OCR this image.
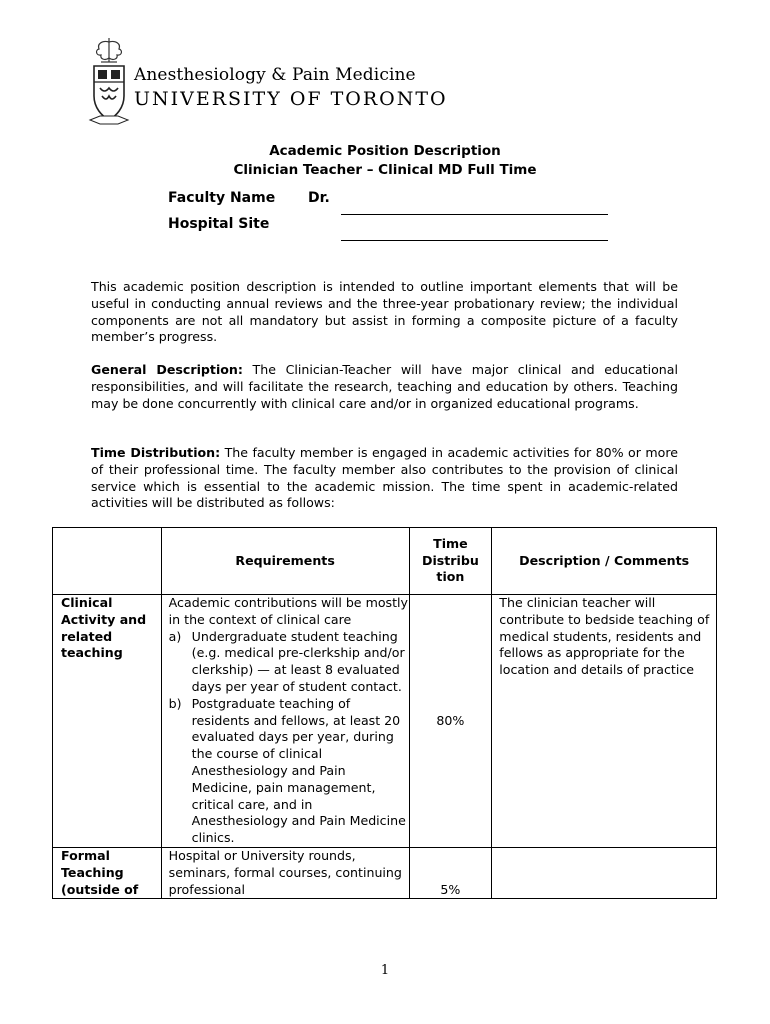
Anesthesiology & Pain Medicine
UNIVERSITY OF TORONTO
Academic Position Description
Clinician Teacher – Clinical MD Full Time
Faculty Name Dr.
Hospital Site
This academic position description is intended to outline important elements that will be useful in conducting annual reviews and the three-year probationary review; the individual components are not all mandatory but assist in forming a composite picture of a faculty member’s progress.
General Description: The Clinician-Teacher will have major clinical and educational responsibilities, and will facilitate the research, teaching and education by others. Teaching may be done concurrently with clinical care and/or in organized educational programs.
Time Distribution: The faculty member is engaged in academic activities for 80% or more of their professional time. The faculty member also contributes to the provision of clinical service which is essential to the academic mission. The time spent in academic-related activities will be distributed as follows:
	Requirements	Time Distribu tion	Description / Comments
Clinical Activity and related teaching	Academic contributions will be mostly in the context of clinical care
a) Undergraduate student teaching (e.g. medical pre-clerkship and/or clerkship) — at least 8 evaluated days per year of student contact.
b) Postgraduate teaching of residents and fellows, at least 20 evaluated days per year, during the course of clinical Anesthesiology and Pain Medicine, pain management, critical care, and in Anesthesiology and Pain Medicine clinics.	80%	The clinician teacher will contribute to bedside teaching of medical students, residents and fellows as appropriate for the location and details of practice
Formal Teaching (outside of	Hospital or University rounds, seminars, formal courses, continuing professional	5%	
1
